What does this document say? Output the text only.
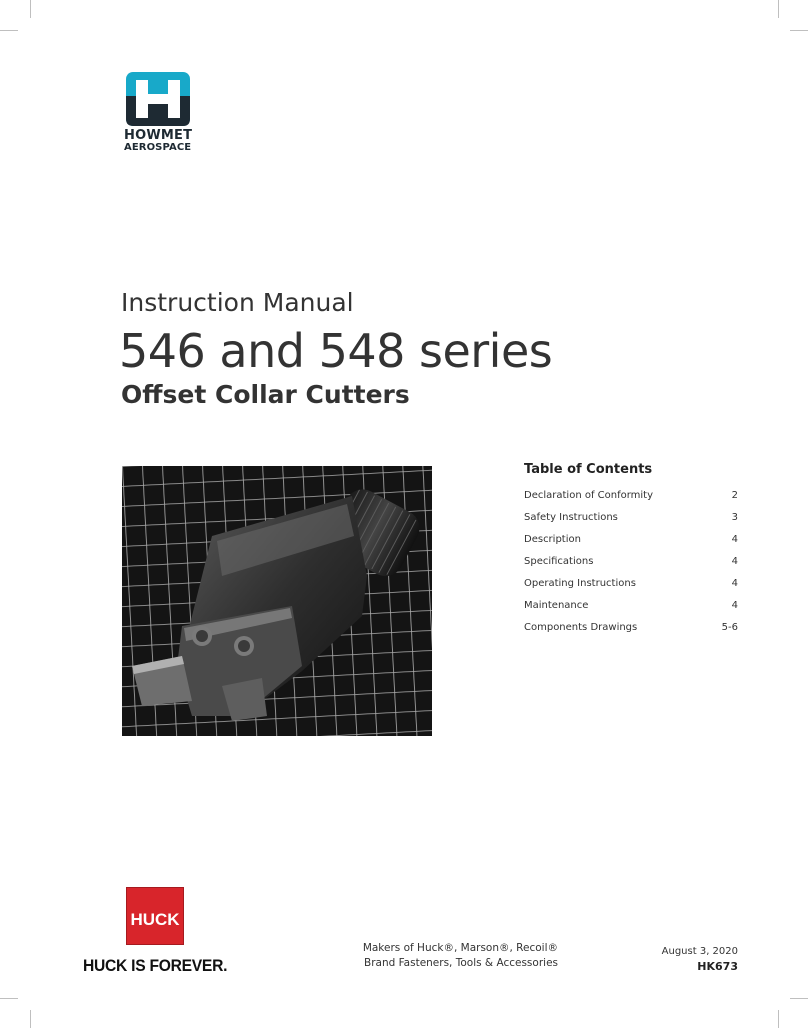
HOWMET
AEROSPACE
Instruction Manual
546 and 548 series
Offset Collar Cutters
Table of Contents
Declaration of Conformity	2
Safety Instructions	3
Description	4
Specifications	4
Operating Instructions	4
Maintenance	4
Components Drawings	5-6
HUCK
HUCK IS FOREVER.
Makers of Huck®, Marson®, Recoil®
Brand Fasteners, Tools & Accessories
August 3, 2020
HK673
